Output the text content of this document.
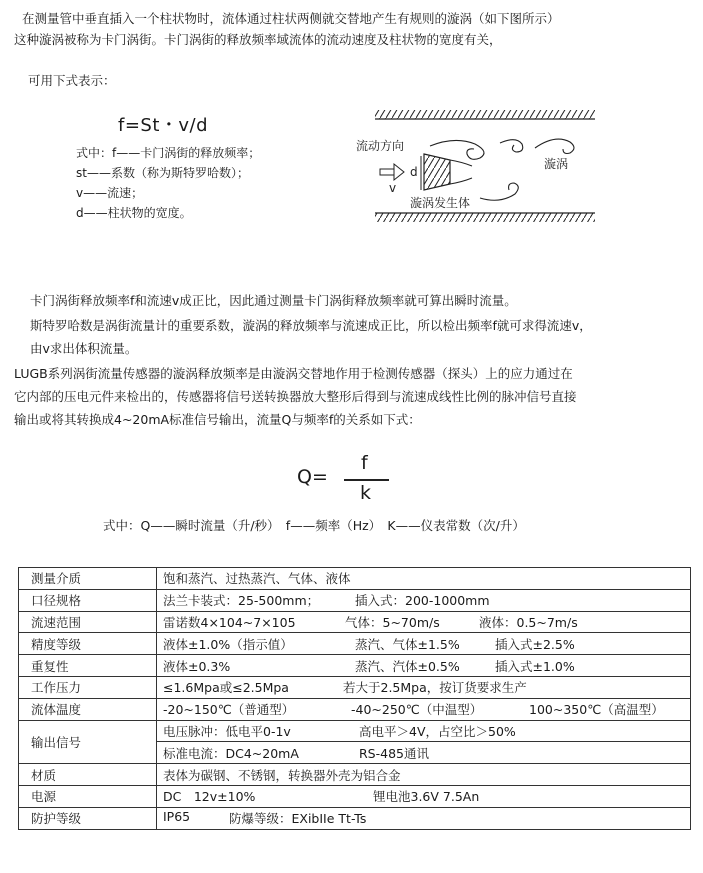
在测量管中垂直插入一个柱状物时，流体通过柱状两侧就交替地产生有规则的漩涡（如下图所示）
这种漩涡被称为卡门涡街。卡门涡街的释放频率域流体的流动速度及柱状物的宽度有关，
可用下式表示：
f=St・v/d
式中：f——卡门涡街的释放频率；
st——系数（称为斯特罗哈数）；
v——流速；
d——柱状物的宽度。
流动方向
v
d
漩涡
漩涡发生体
卡门涡街释放频率f和流速v成正比，因此通过测量卡门涡街释放频率就可算出瞬时流量。
斯特罗哈数是涡街流量计的重要系数，漩涡的释放频率与流速成正比，所以检出频率f就可求得流速v，
由v求出体积流量。
LUGB系列涡街流量传感器的漩涡释放频率是由漩涡交替地作用于检测传感器（探头）上的应力通过在
它内部的压电元件来检出的，传感器将信号送转换器放大整形后得到与流速成线性比例的脉冲信号直接
输出或将其转换成4~20mA标准信号输出，流量Q与频率f的关系如下式：
Q=
f
k
式中：Q——瞬时流量（升/秒）　f——频率（Hz）　K——仪表常数（次/升）
测量介质	饱和蒸汽、过热蒸汽、气体、液体

口径规格	法兰卡装式：25-500mm； 插入式：200-1000mm

流速范围	雷诺数4×104~7×105 气体：5~70m/s 液体：0.5~7m/s

精度等级	液体±1.0%（指示值） 蒸汽、气体±1.5% 插入式±2.5%

重复性	液体±0.3% 蒸汽、汽体±0.5% 插入式±1.0%

工作压力	≤1.6Mpa或≤2.5Mpa 若大于2.5Mpa，按订货要求生产

流体温度	-20~150℃（普通型） -40~250℃（中温型） 100~350℃（高温型）

输出信号	电压脉冲：低电平0-1v 高电平＞4V，占空比＞50%

	标准电流：DC4~20mA RS-485通讯

材质	表体为碳钢、不锈钢，转换器外壳为铝合金

电源	DC　12v±10% 锂电池3.6V 7.5An

防护等级	IP65 防爆等级：EXibIIe Tt-Ts
